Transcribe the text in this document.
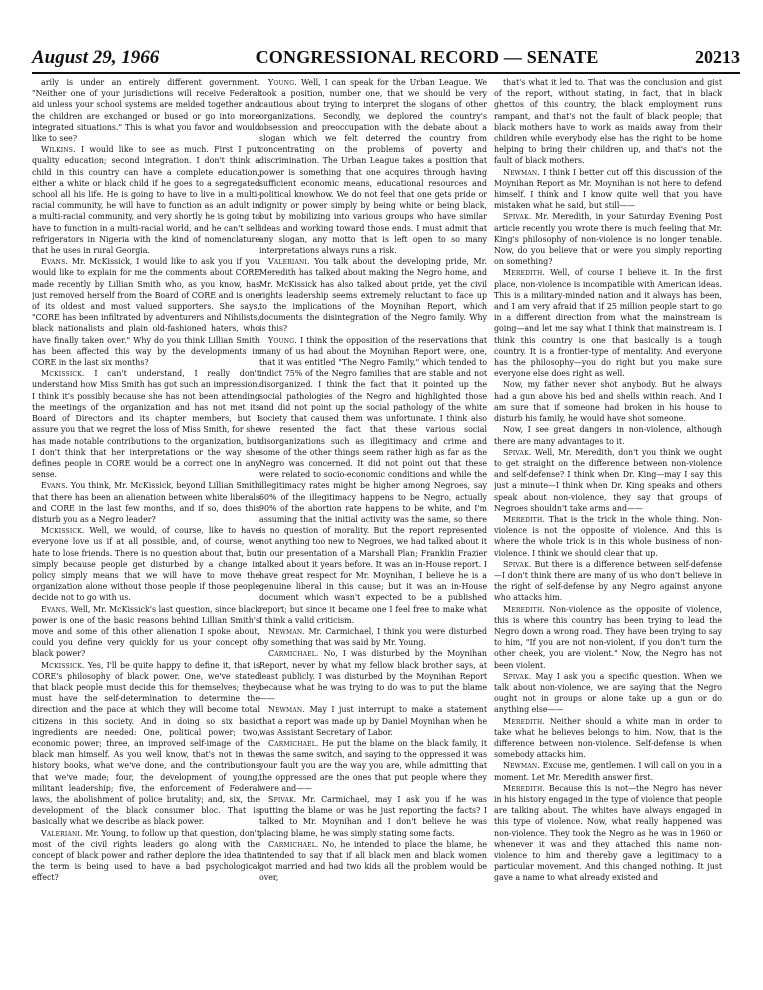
August 29, 1966	CONGRESSIONAL RECORD — SENATE	20213

arily is under an entirely different government. "Neither one of your jurisdictions will receive Federal aid unless your school systems are melded together and the children are exchanged or bused or go into more integrated situations." This is what you favor and would like to see?

Wilkins. I would like to see as much. First I put quality education; second integration. I don't think a child in this country can have a complete education, either a white or black child if he goes to a segregated school all his life. He is going to have to live in a multi-racial community, he will have to function as an adult in a multi-racial community, and very shortly he is going to have to function in a multi-racial world, and he can't sell refrigerators in Nigeria with the kind of nomenclature that he uses in rural Georgia.

Evans. Mr. McKissick, I would like to ask you if you would like to explain for me the comments about CORE made recently by Lillian Smith who, as you know, has just removed herself from the Board of CORE and is one of its oldest and most valued supporters. She says, "CORE has been infiltrated by adventurers and Nihilists, black nationalists and plain old-fashioned haters, who have finally taken over." Why do you think Lillian Smith has been affected this way by the developments in CORE in the last six months?

Mckissick. I can't understand, I really don't understand how Miss Smith has got such an impression. I think it's possibly because she has not been attending the meetings of the organization and has not met its Board of Directors and its chapter members, but I assure you that we regret the loss of Miss Smith, for she has made notable contributions to the organization, but I don't think that her interpretations or the way she defines people in CORE would be a correct one in any sense.

Evans. You think, Mr. McKissick, beyond Lillian Smith that there has been an alienation between white liberals and CORE in the last few months, and if so, does this disturb you as a Negro leader?

Mckissick. Well, we would, of course, like to have everyone love us if at all possible, and, of course, we hate to lose friends. There is no question about that, but simply because people get disturbed by a change in policy simply means that we will have to move the organization alone without those people if those people decide not to go with us.

Evans. Well, Mr. McKissick's last question, since black power is one of the basic reasons behind Lillian Smith's move and some of this other alienation I spoke about, could you define very quickly for us your concept of black power?

Mckissick. Yes, I'll be quite happy to define it, that is CORE's philosophy of black power. One, we've stated that black people must decide this for themselves; they must have the self-determination to determine the direction and the pace at which they will become total citizens in this society. And in doing so six basic ingredients are needed: One, political power; two, economic power; three, an improved self-image of the black man himself. As you well know, that's not in the history books, what we've done, and the contributions that we've made; four, the development of young, militant leadership; five, the enforcement of Federal laws, the abolishment of police brutality; and, six, the development of the black consumer bloc. That is basically what we describe as black power.

Valeriani. Mr. Young, to follow up that question, don't most of the civil rights leaders go along with the concept of black power and rather deplore the idea that the term is being used to have a bad psychological effect?

Young. Well, I can speak for the Urban League. We took a position, number one, that we should be very cautious about trying to interpret the slogans of other organizations. Secondly, we deplored the country's obsession and preoccupation with the debate about a slogan which we felt deterred the country from concentrating on the problems of poverty and discrimination. The Urban League takes a position that power is something that one acquires through having sufficient economic means, educational resources and political knowhow. We do not feel that one gets pride or dignity or power simply by being white or being black, but by mobilizing into various groups who have similar ideas and working toward those ends. I must admit that any slogan, any motto that is left open to so many interpretations always runs a risk.

Valeriani. You talk about the developing pride, Mr. Meredith has talked about making the Negro home, and Mr. McKissick has also talked about pride, yet the civil rights leadership seems extremely reluctant to face up to the implications of the Moynihan Report, which documents the disintegration of the Negro family. Why is this?

Young. I think the opposition of the reservations that many of us had about the Moynihan Report were, one, that it was entitled "The Negro Family," which tended to indict 75% of the Negro families that are stable and not disorganized. I think the fact that it pointed up the social pathologies of the Negro and highlighted those and did not point up the social pathology of the white society that caused them was unfortunate. I think also we resented the fact that these various social disorganizations such as illegitimacy and crime and some of the other things seem rather high as far as the Negro was concerned. It did not point out that these were related to socio-economic conditions and while the illegitimacy rates might be higher among Negroes, say 60% of the illegitimacy happens to be Negro, actually 90% of the abortion rate happens to be white, and I'm assuming that the initial activity was the same, so there is no question of morality. But the report represented not anything too new to Negroes, we had talked about it in our presentation of a Marshall Plan; Franklin Frazier talked about it years before. It was an in-House report. I have great respect for Mr. Moynihan, I believe he is a genuine liberal in this cause; but it was an in-House document which wasn't expected to be a published report; but since it became one I feel free to make what I think a valid criticism.

Newman. Mr. Carmichael, I think you were disturbed by something that was said by Mr. Young.

Carmichael. No, I was disturbed by the Moynihan Report, never by what my fellow black brother says, at least publicly. I was disturbed by the Moynihan Report because what he was trying to do was to put the blame——

Newman. May I just interrupt to make a statement that a report was made up by Daniel Moynihan when he was Assistant Secretary of Labor.

Carmichael. He put the blame on the black family, it was the same switch, and saying to the oppressed it was your fault you are the way you are, while admitting that the oppressed are the ones that put people where they were and——

Spivak. Mr. Carmichael, may I ask you if he was putting the blame or was he just reporting the facts? I talked to Mr. Moynihan and I don't believe he was placing blame, he was simply stating some facts.

Carmichael. No, he intended to place the blame, he intended to say that if all black men and black women got married and had two kids all the problem would be over,

that's what it led to. That was the conclusion and gist of the report, without stating, in fact, that in black ghettos of this country, the black employment runs rampant, and that's not the fault of black people; that black mothers have to work as maids away from their children while everybody else has the right to be home helping to bring their children up, and that's not the fault of black mothers.

Newman. I think I better cut off this discussion of the Moynihan Report as Mr. Moynihan is not here to defend himself. I think and I know quite well that you have mistaken what he said, but still——

Spivak. Mr. Meredith, in your Saturday Evening Post article recently you wrote there is much feeling that Mr. King's philosophy of non-violence is no longer tenable. Now, do you believe that or were you simply reporting on something?

Meredith. Well, of course I believe it. In the first place, non-violence is incompatible with American ideas. This is a military-minded nation and it always has been, and I am very afraid that if 25 million people start to go in a different direction from what the mainstream is going—and let me say what I think that mainstream is. I think this country is one that basically is a tough country. It is a frontier-type of mentality. And everyone has the philosophy—you do right but you make sure everyone else does right as well.

Now, my father never shot anybody. But he always had a gun above his bed and shells within reach. And I am sure that if someone had broken in his house to disturb his family, he would have shot someone.

Now, I see great dangers in non-violence, although there are many advantages to it.

Spivak. Well, Mr. Meredith, don't you think we ought to get straight on the difference between non-violence and self-defense? I think when Dr. King—may I say this just a minute—I think when Dr. King speaks and others speak about non-violence, they say that groups of Negroes shouldn't take arms and——

Meredith. That is the trick in the whole thing. Non-violence is not the opposite of violence. And this is where the whole trick is in this whole business of non-violence. I think we should clear that up.

Spivak. But there is a difference between self-defense—I don't think there are many of us who don't believe in the right of self-defense by any Negro against anyone who attacks him.

Meredith. Non-violence as the opposite of violence, this is where this country has been trying to lead the Negro down a wrong road. They have been trying to say to him, "If you are not non-violent, if you don't turn the other cheek, you are violent." Now, the Negro has not been violent.

Spivak. May I ask you a specific question. When we talk about non-violence, we are saying that the Negro ought not in groups or alone take up a gun or do anything else——

Meredith. Neither should a white man in order to take what he believes belongs to him. Now, that is the difference between non-violence. Self-defense is when somebody attacks him.

Newman. Excuse me, gentlemen. I will call on you in a moment. Let Mr. Meredith answer first.

Meredith. Because this is not—the Negro has never in his history engaged in the type of violence that people are talking about. The whites have always engaged in this type of violence. Now, what really happened was non-violence. They took the Negro as he was in 1960 or whenever it was and they attached this name non-violence to him and thereby gave a legitimacy to a particular movement. And this changed nothing. It just gave a name to what already existed and
